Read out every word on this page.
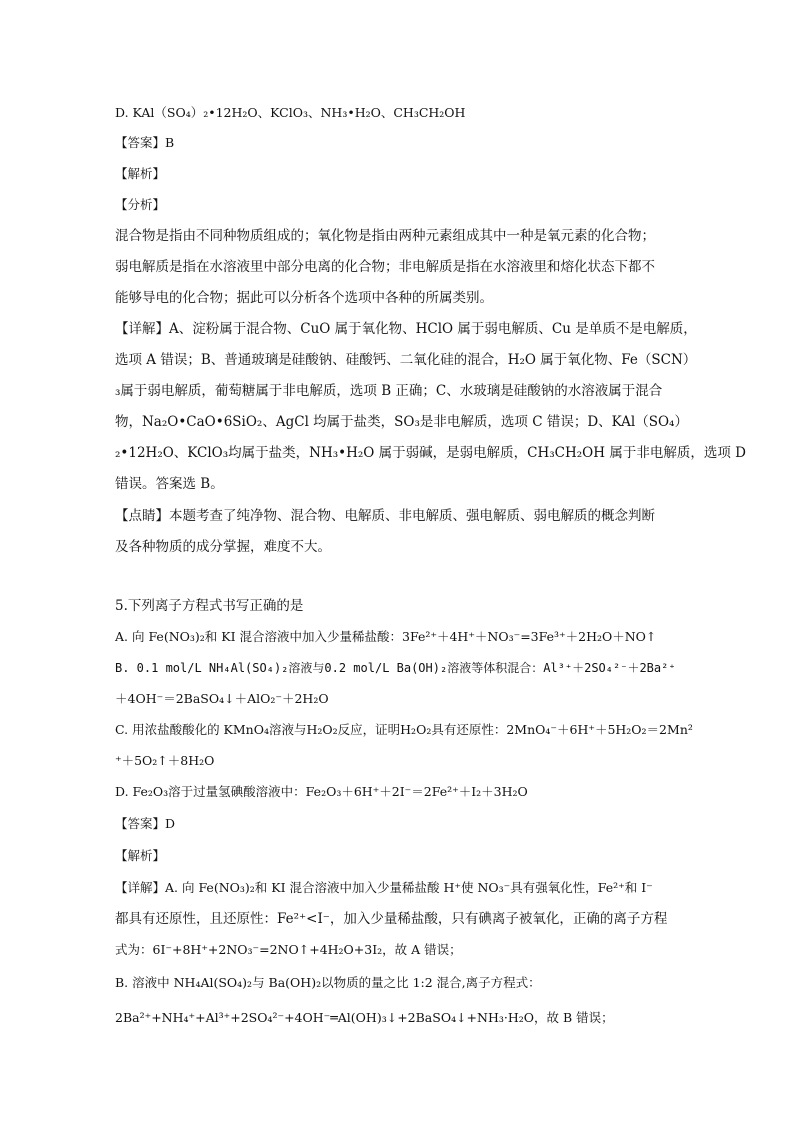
D. KAl（SO₄）₂•12H₂O、KClO₃、NH₃•H₂O、CH₃CH₂OH
【答案】B
【解析】
【分析】
混合物是指由不同种物质组成的；氧化物是指由两种元素组成其中一种是氧元素的化合物；
弱电解质是指在水溶液里中部分电离的化合物；非电解质是指在水溶液里和熔化状态下都不
能够导电的化合物；据此可以分析各个选项中各种的所属类别。
【详解】A、淀粉属于混合物、CuO 属于氧化物、HClO 属于弱电解质、Cu 是单质不是电解质，
选项 A 错误；B、普通玻璃是硅酸钠、硅酸钙、二氧化硅的混合，H₂O 属于氧化物、Fe（SCN）
₃属于弱电解质，葡萄糖属于非电解质，选项 B 正确；C、水玻璃是硅酸钠的水溶液属于混合
物，Na₂O•CaO•6SiO₂、AgCl 均属于盐类，SO₃是非电解质，选项 C 错误；D、KAl（SO₄）
₂•12H₂O、KClO₃均属于盐类，NH₃•H₂O 属于弱碱，是弱电解质，CH₃CH₂OH 属于非电解质，选项 D
错误。答案选 B。
【点睛】本题考查了纯净物、混合物、电解质、非电解质、强电解质、弱电解质的概念判断
及各种物质的成分掌握，难度不大。
5.下列离子方程式书写正确的是
A. 向 Fe(NO₃)₂和 KI 混合溶液中加入少量稀盐酸：3Fe²⁺＋4H⁺＋NO₃⁻=3Fe³⁺＋2H₂O＋NO↑
B. 0.1 mol/L NH₄Al(SO₄)₂溶液与0.2 mol/L Ba(OH)₂溶液等体积混合：Al³⁺＋2SO₄²⁻＋2Ba²⁺
＋4OH⁻＝2BaSO₄↓＋AlO₂⁻＋2H₂O
C. 用浓盐酸酸化的 KMnO₄溶液与H₂O₂反应，证明H₂O₂具有还原性：2MnO₄⁻＋6H⁺＋5H₂O₂＝2Mn²
⁺＋5O₂↑＋8H₂O
D. Fe₂O₃溶于过量氢碘酸溶液中：Fe₂O₃＋6H⁺＋2I⁻＝2Fe²⁺＋I₂＋3H₂O
【答案】D
【解析】
【详解】A. 向 Fe(NO₃)₂和 KI 混合溶液中加入少量稀盐酸 H⁺使 NO₃⁻具有强氧化性，Fe²⁺和 I⁻
都具有还原性，且还原性：Fe²⁺<I⁻，加入少量稀盐酸，只有碘离子被氧化，正确的离子方程
式为：6I⁻+8H⁺+2NO₃⁻=2NO↑+4H₂O+3I₂，故 A 错误；
B. 溶液中 NH₄Al(SO₄)₂与 Ba(OH)₂以物质的量之比 1:2 混合,离子方程式：
2Ba²⁺+NH₄⁺+Al³⁺+2SO₄²⁻+4OH⁻═Al(OH)₃↓+2BaSO₄↓+NH₃·H₂O，故 B 错误；
